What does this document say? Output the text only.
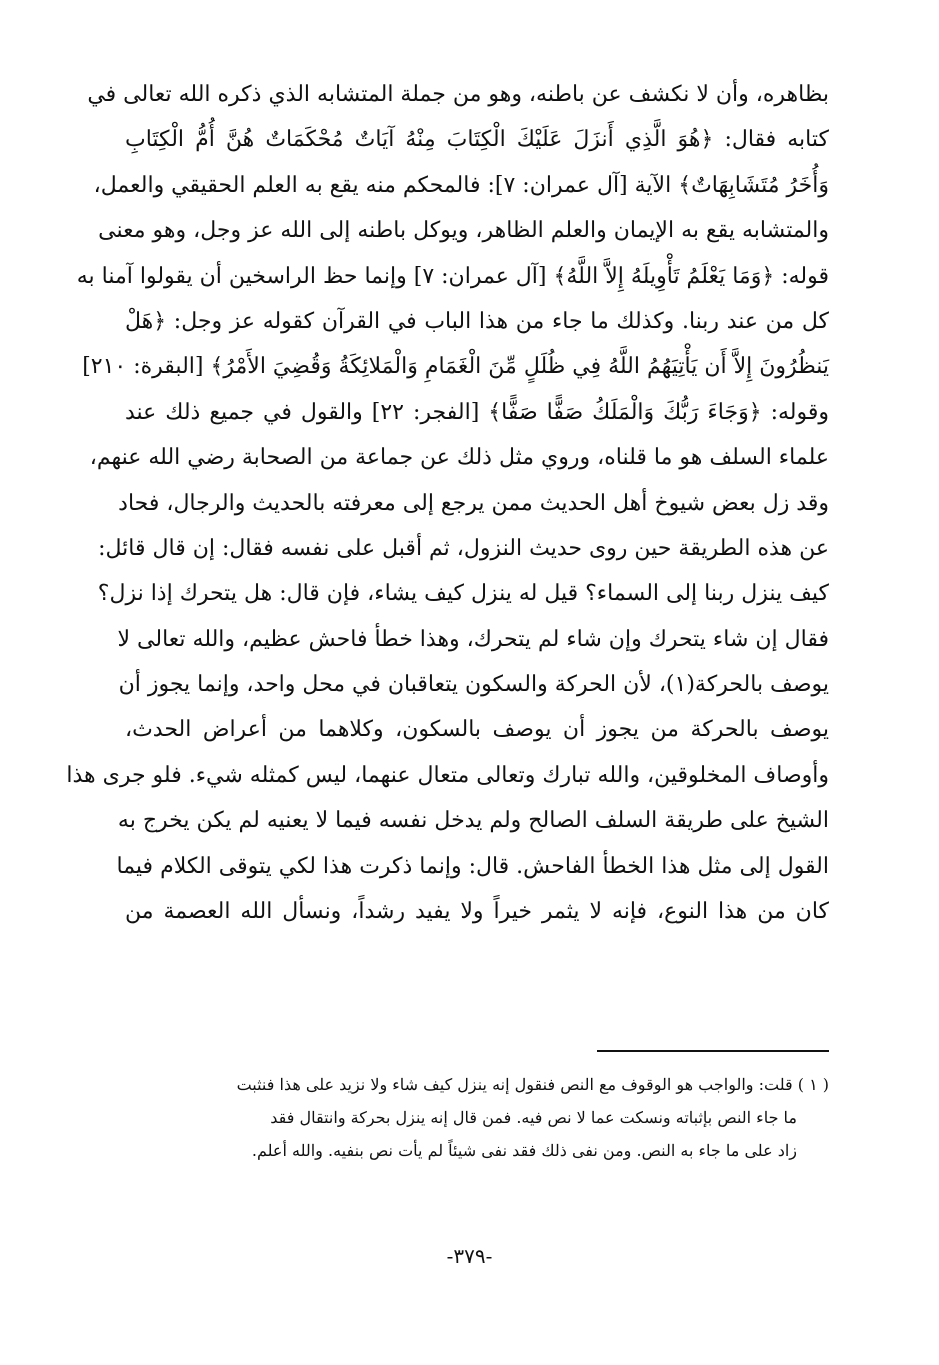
بظاهره، وأن لا نكشف عن باطنه، وهو من جملة المتشابه الذي ذكره الله تعالى في
كتابه فقال: ﴿هُوَ الَّذِي أَنزَلَ عَلَيْكَ الْكِتَابَ مِنْهُ آيَاتٌ مُحْكَمَاتٌ هُنَّ أُمُّ الْكِتَابِ
وَأُخَرُ مُتَشَابِهَاتٌ﴾ الآية [آل عمران: ٧]: فالمحكم منه يقع به العلم الحقيقي والعمل،
والمتشابه يقع به الإيمان والعلم الظاهر، ويوكل باطنه إلى الله عز وجل، وهو معنى
قوله: ﴿وَمَا يَعْلَمُ تَأْوِيلَهُ إِلاَّ اللَّهُ﴾ [آل عمران: ٧] وإنما حظ الراسخين أن يقولوا آمنا به
كل من عند ربنا. وكذلك ما جاء من هذا الباب في القرآن كقوله عز وجل: ﴿هَلْ
يَنظُرُونَ إِلاَّ أَن يَأْتِيَهُمُ اللَّهُ فِي ظُلَلٍ مِّنَ الْغَمَامِ وَالْمَلائِكَةُ وَقُضِيَ الأَمْرُ﴾ [البقرة: ٢١٠]
وقوله: ﴿وَجَاءَ رَبُّكَ وَالْمَلَكُ صَفًّا صَفًّا﴾ [الفجر: ٢٢] والقول في جميع ذلك عند
علماء السلف هو ما قلناه، وروي مثل ذلك عن جماعة من الصحابة رضي الله عنهم،
وقد زل بعض شيوخ أهل الحديث ممن يرجع إلى معرفته بالحديث والرجال، فحاد
عن هذه الطريقة حين روى حديث النزول، ثم أقبل على نفسه فقال: إن قال قائل:
كيف ينزل ربنا إلى السماء؟ قيل له ينزل كيف يشاء، فإن قال: هل يتحرك إذا نزل؟
فقال إن شاء يتحرك وإن شاء لم يتحرك، وهذا خطأ فاحش عظيم، والله تعالى لا
يوصف بالحركة(١)، لأن الحركة والسكون يتعاقبان في محل واحد، وإنما يجوز أن
يوصف بالحركة من يجوز أن يوصف بالسكون، وكلاهما من أعراض الحدث،
وأوصاف المخلوقين، والله تبارك وتعالى متعال عنهما، ليس كمثله شيء. فلو جرى هذا
الشيخ على طريقة السلف الصالح ولم يدخل نفسه فيما لا يعنيه لم يكن يخرج به
القول إلى مثل هذا الخطأ الفاحش. قال: وإنما ذكرت هذا لكي يتوقى الكلام فيما
كان من هذا النوع، فإنه لا يثمر خيراً ولا يفيد رشداً، ونسأل الله العصمة من
( ١ ) قلت: والواجب هو الوقوف مع النص فنقول إنه ينزل كيف شاء ولا نزيد على هذا فنثبت
ما جاء النص بإثباته ونسكت عما لا نص فيه. فمن قال إنه ينزل بحركة وانتقال فقد
زاد على ما جاء به النص. ومن نفى ذلك فقد نفى شيئاً لم يأت نص بنفيه. والله أعلم.
-٣٧٩-
